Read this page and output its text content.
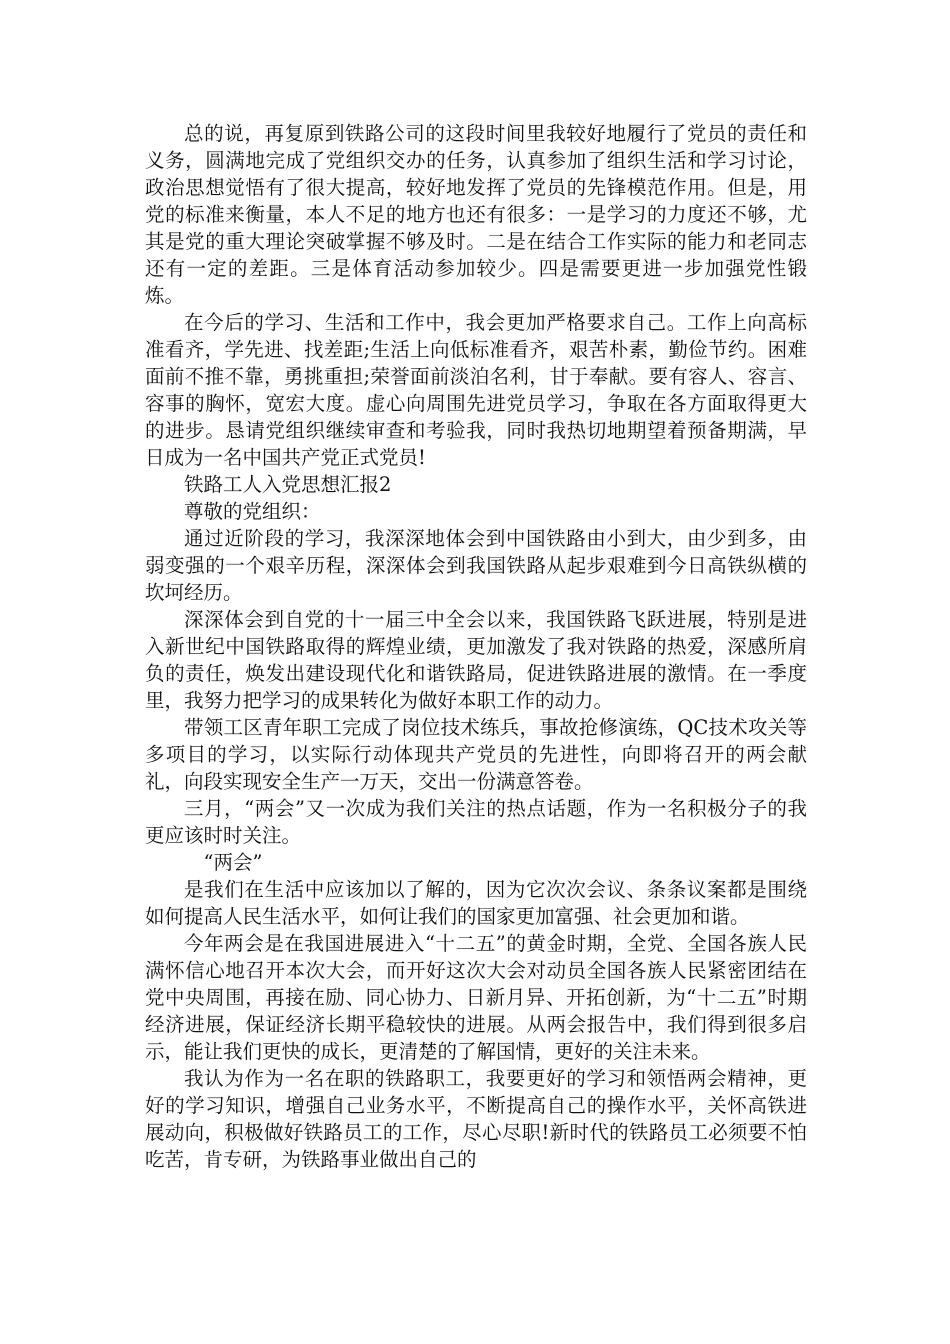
总的说，再复原到铁路公司的这段时间里我较好地履行了党员的责任和义务，圆满地完成了党组织交办的任务，认真参加了组织生活和学习讨论，政治思想觉悟有了很大提高，较好地发挥了党员的先锋模范作用。但是，用党的标准来衡量，本人不足的地方也还有很多：一是学习的力度还不够，尤其是党的重大理论突破掌握不够及时。二是在结合工作实际的能力和老同志还有一定的差距。三是体育活动参加较少。四是需要更进一步加强党性锻炼。

在今后的学习、生活和工作中，我会更加严格要求自己。工作上向高标准看齐，学先进、找差距;生活上向低标准看齐，艰苦朴素，勤俭节约。困难面前不推不靠，勇挑重担;荣誉面前淡泊名利，甘于奉献。要有容人、容言、容事的胸怀，宽宏大度。虚心向周围先进党员学习，争取在各方面取得更大的进步。恳请党组织继续审查和考验我，同时我热切地期望着预备期满，早日成为一名中国共产党正式党员!

铁路工人入党思想汇报2

尊敬的党组织：

通过近阶段的学习，我深深地体会到中国铁路由小到大，由少到多，由弱变强的一个艰辛历程，深深体会到我国铁路从起步艰难到今日高铁纵横的坎坷经历。

深深体会到自党的十一届三中全会以来，我国铁路飞跃进展，特别是进入新世纪中国铁路取得的辉煌业绩，更加激发了我对铁路的热爱，深感所肩负的责任，焕发出建设现代化和谐铁路局，促进铁路进展的激情。在一季度里，我努力把学习的成果转化为做好本职工作的动力。

带领工区青年职工完成了岗位技术练兵，事故抢修演练，QC技术攻关等多项目的学习，以实际行动体现共产党员的先进性，向即将召开的两会献礼，向段实现安全生产一万天，交出一份满意答卷。

三月，“两会”又一次成为我们关注的热点话题，作为一名积极分子的我更应该时时关注。

“两会”

是我们在生活中应该加以了解的，因为它次次会议、条条议案都是围绕如何提高人民生活水平，如何让我们的国家更加富强、社会更加和谐。

今年两会是在我国进展进入“十二五”的黄金时期，全党、全国各族人民满怀信心地召开本次大会，而开好这次大会对动员全国各族人民紧密团结在党中央周围，再接在励、同心协力、日新月异、开拓创新，为“十二五”时期经济进展，保证经济长期平稳较快的进展。从两会报告中，我们得到很多启示，能让我们更快的成长，更清楚的了解国情，更好的关注未来。

我认为作为一名在职的铁路职工，我要更好的学习和领悟两会精神，更好的学习知识，增强自己业务水平，不断提高自己的操作水平，关怀高铁进展动向，积极做好铁路员工的工作，尽心尽职!新时代的铁路员工必须要不怕吃苦，肯专研，为铁路事业做出自己的
